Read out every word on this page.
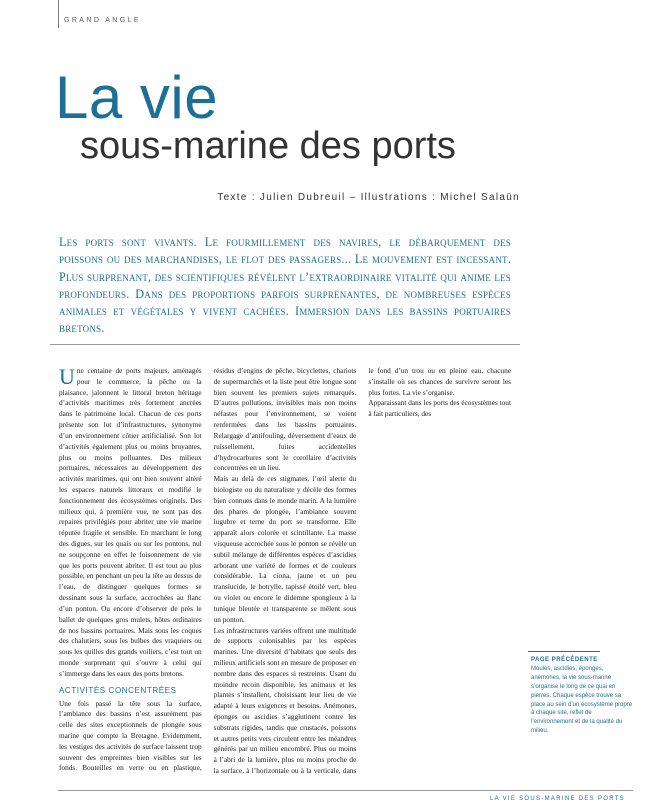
GRAND ANGLE
La vie
sous-marine des ports
Texte : Julien Dubreuil – Illustrations : Michel Salaün

Les ports sont vivants. Le fourmillement des navires, le débarquement des poissons ou des marchandises, le flot des passagers... Le mouvement est incessant. Plus surprenant, des scientifiques révèlent l’extraordinaire vitalité qui anime les profondeurs. Dans des proportions parfois surprenantes, de nombreuses espèces animales et végétales y vivent cachées. Immersion dans les bassins portuaires bretons.

Une centaine de ports majeurs, aménagés pour le commerce, la pêche ou la plaisance, jalonnent le littoral breton héritage d’activités maritimes très fortement ancrées dans le patrimoine local. Chacun de ces ports présente son lot d’infrastructures, synonyme d’un environnement côtier artificialisé. Son lot d’activités également plus ou moins bruyantes, plus ou moins polluantes. Des milieux portuaires, nécessaires au développement des activités maritimes, qui ont bien souvent altéré les espaces naturels littoraux et modifié le fonctionnement des écosystèmes originels. Des milieux qui, à première vue, ne sont pas des repaires privilégiés pour abriter une vie marine réputée fragile et sensible. En marchant le long des digues, sur les quais ou sur les pontons, nul ne soupçonne en effet le foisonnement de vie que les ports peuvent abriter. Il est tout au plus possible, en penchant un peu la tête au dessus de l’eau, de distinguer quelques formes se dessinant sous la surface, accrochées au flanc d’un ponton. Ou encore d’observer de près le ballet de quelques gros mulets, hôtes ordinaires de nos bassins portuaires. Mais sous les coques des chalutiers, sous les bulbes des vraquiers ou sous les quilles des grands voiliers, c’est tout un monde surprenant qui s’ouvre à celui qui s’immerge dans les eaux des ports bretons.

ACTIVITÉS CONCENTRÉES

Une fois passé la tête sous la surface, l’ambiance des bassins n’est assurément pas celle des sites exceptionnels de plongée sous marine que compte la Bretagne. Evidemment, les vestiges des activités de surface laissent trop souvent des empreintes bien visibles sur les fonds. Bouteilles en verre ou en plastique, résidus d’engins de pêche, bicyclettes, chariots de supermarchés et la liste peut être longue sont bien souvent les premiers sujets remarqués. D’autres pollutions, invisibles mais non moins néfastes pour l’environnement, se voient renfermées dans les bassins portuaires. Relargage d’antifouling, déversement d’eaux de ruissellement, fuites accidentelles d’hydrocarbures sont le corollaire d’activités concentrées en un lieu.

Mais au delà de ces stigmates, l’œil alerte du biologiste ou du naturaliste y décèle des formes bien connues dans le monde marin. A la lumière des phares de plongée, l’ambiance souvent lugubre et terne du port se transforme. Elle apparaît alors colorée et scintillante. La masse visqueuse accrochée sous le ponton se révèle un subtil mélange de différentes espèces d’ascidies arborant une variété de formes et de couleurs considérable. La ciona, jaune et un peu translucide, le botrylle, tapissé étoilé vert, bleu ou violet ou encore le didemne spongieux à la tunique bleutée et transparente se mêlent sous un ponton.

Les infrastructures variées offrent une multitude de supports colonisables par les espèces marines. Une diversité d’habitats que seuls des milieux artificiels sont en mesure de proposer en nombre dans des espaces si restreints. Usant du moindre recoin disponible, les animaux et les plantes s’installent, choisissant leur lieu de vie adapté à leurs exigences et besoins. Anémones, éponges ou ascidies s’agglutinent contre les substrats rigides, tandis que crustacés, poissons et autres petits vers circulent entre les méandres générés par un milieu encombré. Plus ou moins à l’abri de la lumière, plus ou moins proche de la surface, à l’horizontale ou à la verticale, dans le fond d’un trou ou en pleine eau, chacune s’installe où ses chances de survivre seront les plus fortes. La vie s’organise.

Apparaissant dans les ports des écosystèmes tout à fait particuliers, des

PAGE PRÉCÉDENTE
Moules, ascidies, éponges, anémones, la vie sous-marine s’organise le long de ce quai en pierres. Chaque espèce trouve sa place au sein d’un écosystème propre à chaque site, reflet de l’environnement et de la qualité du milieu.
LA VIE SOUS-MARINE DES PORTS
